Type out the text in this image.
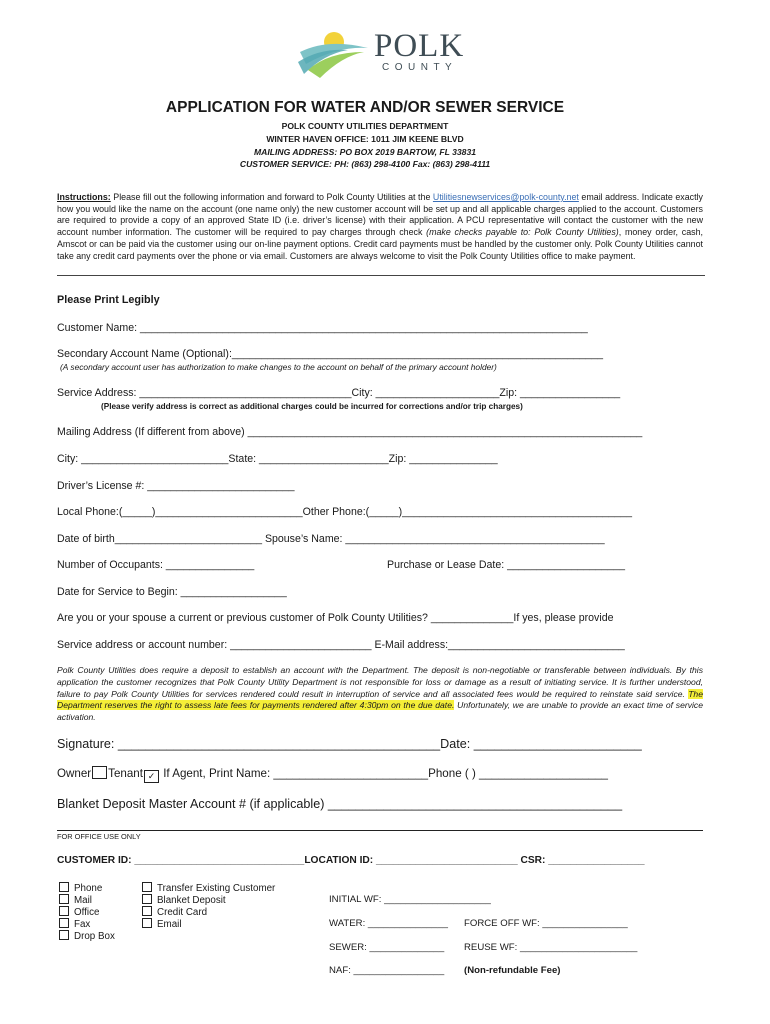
POLK
COUNTY
APPLICATION FOR WATER AND/OR SEWER SERVICE
POLK COUNTY UTILITIES DEPARTMENT
WINTER HAVEN OFFICE: 1011 JIM KEENE BLVD
MAILING ADDRESS: PO BOX 2019 BARTOW, FL 33831
CUSTOMER SERVICE: PH: (863) 298-4100 Fax: (863) 298-4111
Instructions: Please fill out the following information and forward to Polk County Utilities at the Utilitiesnewservices@polk-county.net email address. Indicate exactly how you would like the name on the account (one name only) the new customer account will be set up and all applicable charges applied to the account. Customers are required to provide a copy of an approved State ID (i.e. driver’s license) with their application. A PCU representative will contact the customer with the new account number information. The customer will be required to pay charges through check (make checks payable to: Polk County Utilities), money order, cash, Amscot or can be paid via the customer using our on-line payment options. Credit card payments must be handled by the customer only. Polk County Utilities cannot take any credit card payments over the phone or via email. Customers are always welcome to visit the Polk County Utilities office to make payment.
Please Print Legibly
Customer Name: ____________________________________________________________________________
Secondary Account Name (Optional):_______________________________________________________________
(A secondary account user has authorization to make changes to the account on behalf of the primary account holder)
Service Address: ____________________________________City: _____________________Zip: _________________
(Please verify address is correct as additional charges could be incurred for corrections and/or trip charges)
Mailing Address (If different from above) ___________________________________________________________________
City: _________________________State: ______________________Zip: _______________
Driver’s License #: _________________________
Local Phone:(_____)_________________________Other Phone:(_____)_______________________________________
Date of birth_________________________ Spouse’s Name: ____________________________________________
Number of Occupants: _______________	Purchase or Lease Date: ____________________
Date for Service to Begin: __________________
Are you or your spouse a current or previous customer of Polk County Utilities? ______________If yes, please provide
Service address or account number: ________________________ E-Mail address:______________________________
Polk County Utilities does require a deposit to establish an account with the Department. The deposit is non-negotiable or transferable between individuals. By this application the customer recognizes that Polk County Utility Department is not responsible for loss or damage as a result of initiating service. It is further understood, failure to pay Polk County Utilities for services rendered could result in interruption of service and all associated fees would be required to reinstate said service. The Department reserves the right to assess late fees for payments rendered after 4:30pm on the due date. Unfortunately, we are unable to provide an exact time of service activation.
Signature: ______________________________________________Date: ________________________
Owner Tenant ✓ If Agent, Print Name: ________________________Phone ( ) ____________________
Blanket Deposit Master Account # (if applicable) __________________________________________
FOR OFFICE USE ONLY
CUSTOMER ID: ______________________________LOCATION ID: _________________________ CSR: _________________
Phone
Mail
Office
Fax
Drop Box
Transfer Existing Customer
Blanket Deposit
Credit Card
Email
INITIAL WF: ____________________
WATER: _______________ FORCE OFF WF: ________________
SEWER: ______________ REUSE WF: ______________________
NAF: _________________ (Non-refundable Fee)
